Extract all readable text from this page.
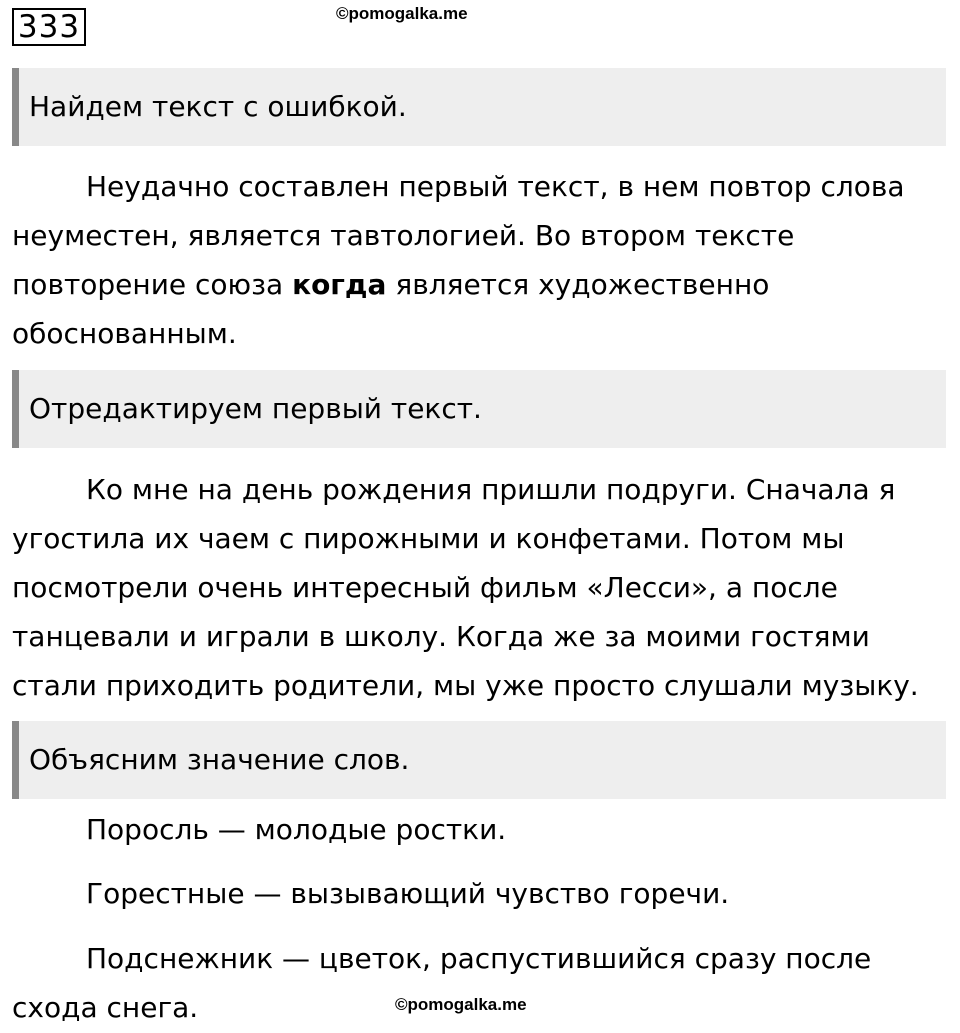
333	©pomogalka.me
Найдем текст с ошибкой.
Неудачно составлен первый текст, в нем повтор слова
неуместен, является тавтологией. Во втором тексте
повторение союза когда является художественно
обоснованным.
Отредактируем первый текст.
Ко мне на день рождения пришли подруги. Сначала я
угостила их чаем с пирожными и конфетами. Потом мы
посмотрели очень интересный фильм «Лесси», а после
танцевали и играли в школу. Когда же за моими гостями
стали приходить родители, мы уже просто слушали музыку.
Объясним значение слов.
Поросль — молодые ростки.
Горестные — вызывающий чувство горечи.
Подснежник — цветок, распустившийся сразу после
схода снега.	©pomogalka.me
